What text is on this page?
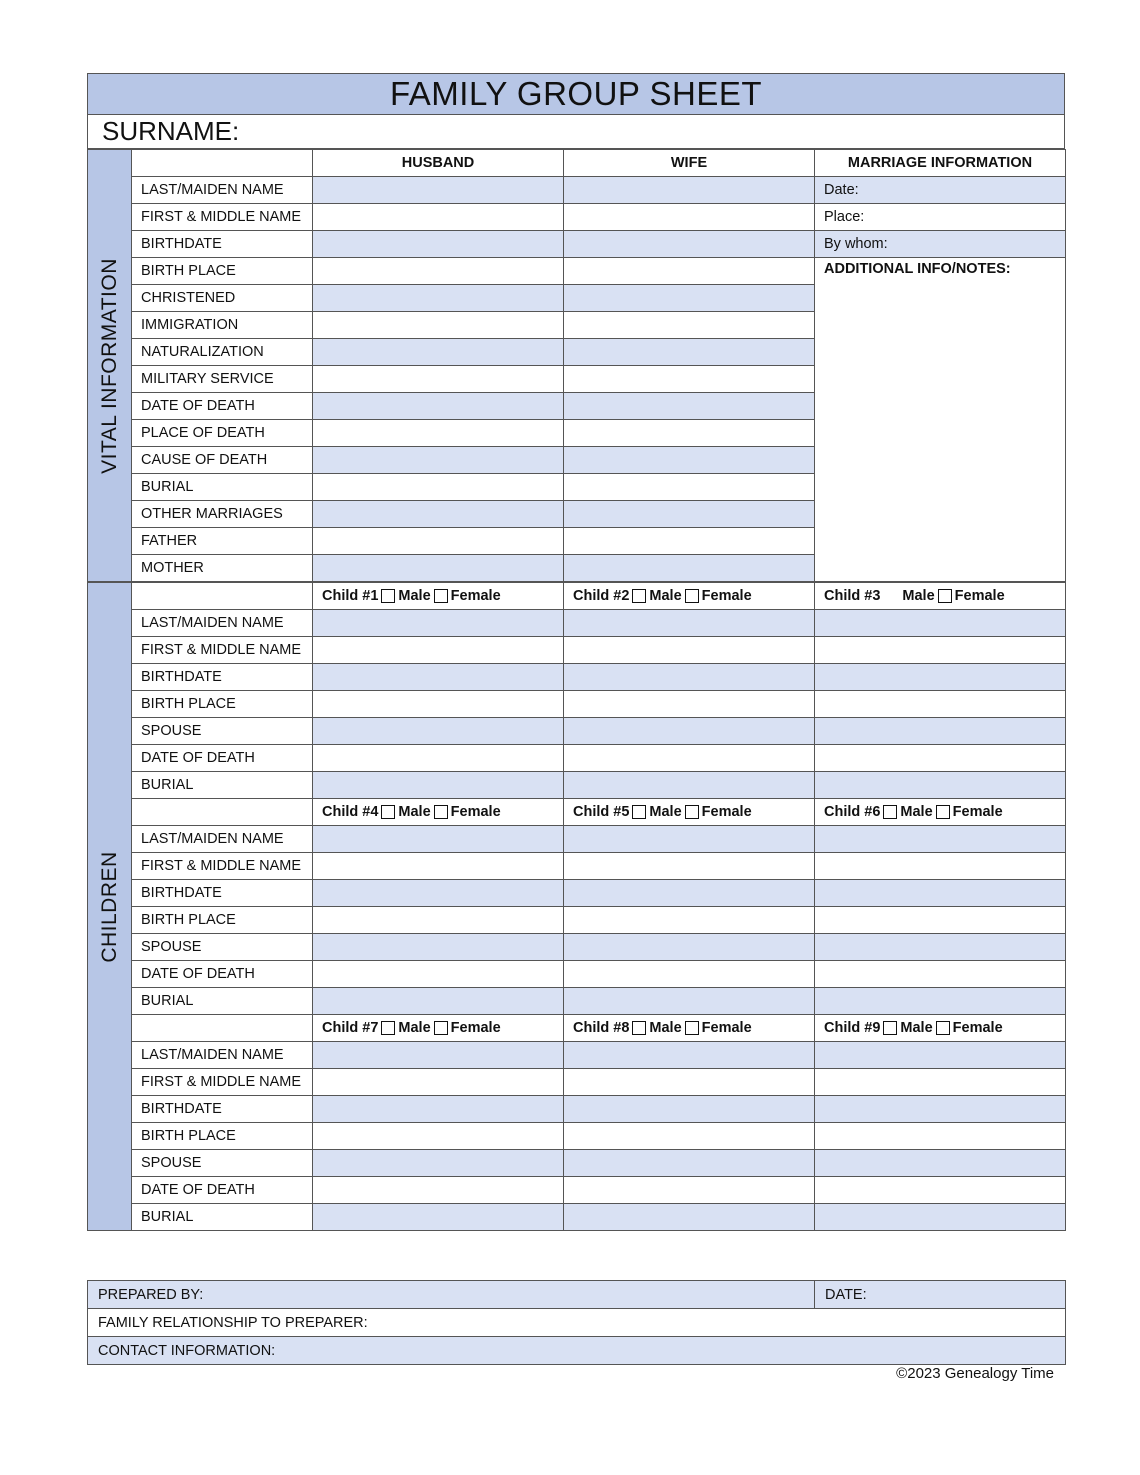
FAMILY GROUP SHEET
SURNAME:
VITAL INFORMATION		HUSBAND	WIFE	MARRIAGE INFORMATION
	LAST/MAIDEN NAME			Date:
	FIRST & MIDDLE NAME			Place:
	BIRTHDATE			By whom:
	BIRTH PLACE			ADDITIONAL INFO/NOTES:
	CHRISTENED			
	IMMIGRATION			
	NATURALIZATION			
	MILITARY SERVICE			
	DATE OF DEATH			
	PLACE OF DEATH			
	CAUSE OF DEATH			
	BURIAL			
	OTHER MARRIAGES			
	FATHER			
	MOTHER			
CHILDREN		Child #1 Male Female	Child #2 Male Female	Child #3 Male Female

	LAST/MAIDEN NAME			
	FIRST & MIDDLE NAME			
	BIRTHDATE			
	BIRTH PLACE			
	SPOUSE			
	DATE OF DEATH			
	BURIAL			

		Child #4 Male Female	Child #5 Male Female	Child #6 Male Female

	LAST/MAIDEN NAME			
	FIRST & MIDDLE NAME			
	BIRTHDATE			
	BIRTH PLACE			
	SPOUSE			
	DATE OF DEATH			
	BURIAL			

		Child #7 Male Female	Child #8 Male Female	Child #9 Male Female

	LAST/MAIDEN NAME			
	FIRST & MIDDLE NAME			
	BIRTHDATE			
	BIRTH PLACE			
	SPOUSE			
	DATE OF DEATH			
	BURIAL			
PREPARED BY:	DATE:
FAMILY RELATIONSHIP TO PREPARER:
CONTACT INFORMATION:
©2023 Genealogy Time
